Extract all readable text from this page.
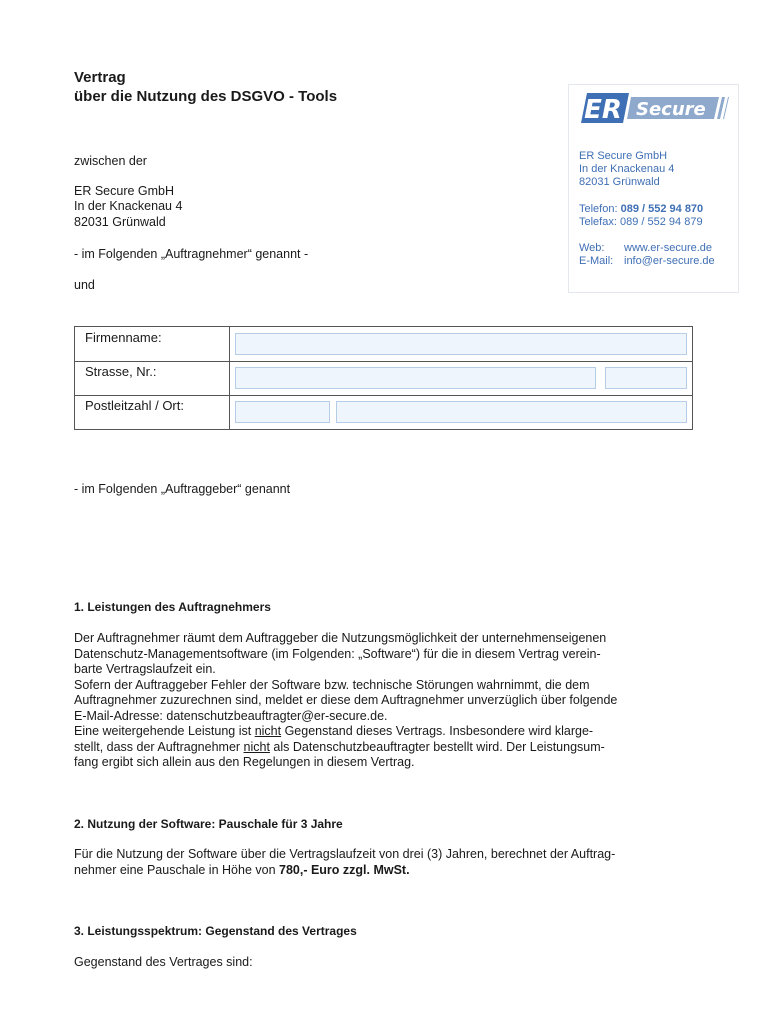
Vertrag
über die Nutzung des DSGVO - Tools
zwischen der
ER Secure GmbH
In der Knackenau 4
82031 Grünwald
- im Folgenden „Auftragnehmer“ genannt -
und
ER Secure
ER Secure GmbH
In der Knackenau 4
82031 Grünwald
Telefon: 089 / 552 94 870
Telefax: 089 / 552 94 879
Web: www.er-secure.de
E-Mail: info@er-secure.de
Firmenname:
Strasse, Nr.:
Postleitzahl / Ort:
- im Folgenden „Auftraggeber“ genannt
1. Leistungen des Auftragnehmers
Der Auftragnehmer räumt dem Auftraggeber die Nutzungsmöglichkeit der unternehmenseigenen
Datenschutz-Managementsoftware (im Folgenden: „Software“) für die in diesem Vertrag verein-
barte Vertragslaufzeit ein.
Sofern der Auftraggeber Fehler der Software bzw. technische Störungen wahrnimmt, die dem
Auftragnehmer zuzurechnen sind, meldet er diese dem Auftragnehmer unverzüglich über folgende
E-Mail-Adresse: datenschutzbeauftragter@er-secure.de.
Eine weitergehende Leistung ist nicht Gegenstand dieses Vertrags. Insbesondere wird klarge-
stellt, dass der Auftragnehmer nicht als Datenschutzbeauftragter bestellt wird. Der Leistungsum-
fang ergibt sich allein aus den Regelungen in diesem Vertrag.
2. Nutzung der Software: Pauschale für 3 Jahre
Für die Nutzung der Software über die Vertragslaufzeit von drei (3) Jahren, berechnet der Auftrag-
nehmer eine Pauschale in Höhe von 780,- Euro zzgl. MwSt.
3. Leistungsspektrum: Gegenstand des Vertrages
Gegenstand des Vertrages sind:
